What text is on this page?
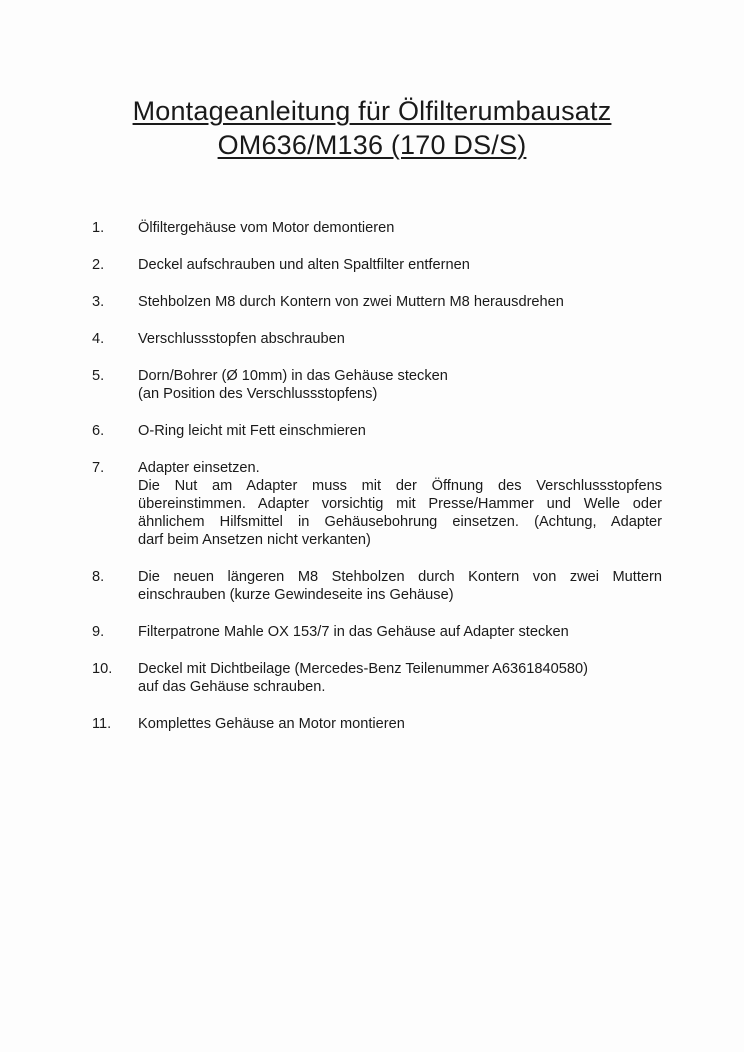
Montageanleitung für Ölfilterumbausatz
OM636/M136 (170 DS/S)
1.	Ölfiltergehäuse vom Motor demontieren
2.	Deckel aufschrauben und alten Spaltfilter entfernen
3.	Stehbolzen M8 durch Kontern von zwei Muttern M8 herausdrehen
4.	Verschlussstopfen abschrauben
5.	Dorn/Bohrer (Ø 10mm) in das Gehäuse stecken
(an Position des Verschlussstopfens)
6.	O-Ring leicht mit Fett einschmieren
7.	Adapter einsetzen.
Die Nut am Adapter muss mit der Öffnung des Verschlussstopfens
übereinstimmen. Adapter vorsichtig mit Presse/Hammer und Welle oder
ähnlichem Hilfsmittel in Gehäusebohrung einsetzen. (Achtung, Adapter
darf beim Ansetzen nicht verkanten)
8.	Die neuen längeren M8 Stehbolzen durch Kontern von zwei Muttern
einschrauben (kurze Gewindeseite ins Gehäuse)
9.	Filterpatrone Mahle OX 153/7 in das Gehäuse auf Adapter stecken
10.	Deckel mit Dichtbeilage (Mercedes-Benz Teilenummer A6361840580)
auf das Gehäuse schrauben.
11.	Komplettes Gehäuse an Motor montieren
